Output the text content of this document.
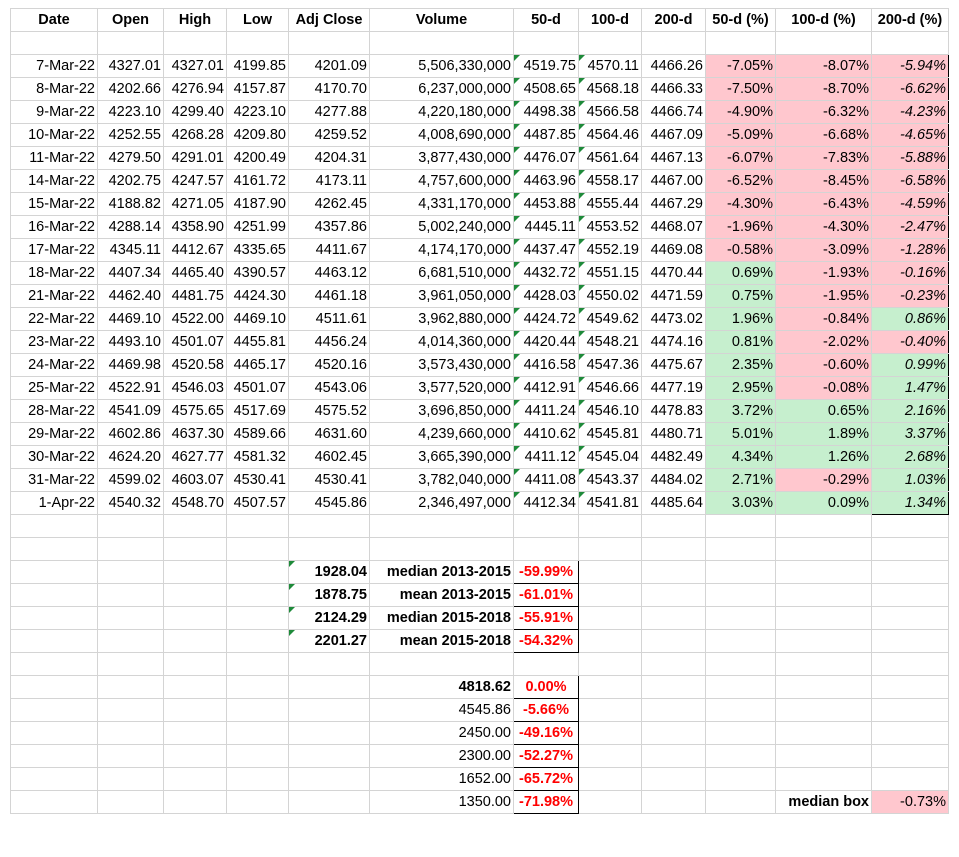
Date	Open	High	Low	Adj Close	Volume	50-d	100-d	200-d	50-d (%)	100-d (%)	200-d (%)

7-Mar-22	4327.01	4327.01	4199.85	4201.09	5,506,330,000	4519.75	4570.11	4466.26	-7.05%	-8.07%	-5.94%
8-Mar-22	4202.66	4276.94	4157.87	4170.70	6,237,000,000	4508.65	4568.18	4466.33	-7.50%	-8.70%	-6.62%
9-Mar-22	4223.10	4299.40	4223.10	4277.88	4,220,180,000	4498.38	4566.58	4466.74	-4.90%	-6.32%	-4.23%
10-Mar-22	4252.55	4268.28	4209.80	4259.52	4,008,690,000	4487.85	4564.46	4467.09	-5.09%	-6.68%	-4.65%
11-Mar-22	4279.50	4291.01	4200.49	4204.31	3,877,430,000	4476.07	4561.64	4467.13	-6.07%	-7.83%	-5.88%
14-Mar-22	4202.75	4247.57	4161.72	4173.11	4,757,600,000	4463.96	4558.17	4467.00	-6.52%	-8.45%	-6.58%
15-Mar-22	4188.82	4271.05	4187.90	4262.45	4,331,170,000	4453.88	4555.44	4467.29	-4.30%	-6.43%	-4.59%
16-Mar-22	4288.14	4358.90	4251.99	4357.86	5,002,240,000	4445.11	4553.52	4468.07	-1.96%	-4.30%	-2.47%
17-Mar-22	4345.11	4412.67	4335.65	4411.67	4,174,170,000	4437.47	4552.19	4469.08	-0.58%	-3.09%	-1.28%
18-Mar-22	4407.34	4465.40	4390.57	4463.12	6,681,510,000	4432.72	4551.15	4470.44	0.69%	-1.93%	-0.16%
21-Mar-22	4462.40	4481.75	4424.30	4461.18	3,961,050,000	4428.03	4550.02	4471.59	0.75%	-1.95%	-0.23%
22-Mar-22	4469.10	4522.00	4469.10	4511.61	3,962,880,000	4424.72	4549.62	4473.02	1.96%	-0.84%	0.86%
23-Mar-22	4493.10	4501.07	4455.81	4456.24	4,014,360,000	4420.44	4548.21	4474.16	0.81%	-2.02%	-0.40%
24-Mar-22	4469.98	4520.58	4465.17	4520.16	3,573,430,000	4416.58	4547.36	4475.67	2.35%	-0.60%	0.99%
25-Mar-22	4522.91	4546.03	4501.07	4543.06	3,577,520,000	4412.91	4546.66	4477.19	2.95%	-0.08%	1.47%
28-Mar-22	4541.09	4575.65	4517.69	4575.52	3,696,850,000	4411.24	4546.10	4478.83	3.72%	0.65%	2.16%
29-Mar-22	4602.86	4637.30	4589.66	4631.60	4,239,660,000	4410.62	4545.81	4480.71	5.01%	1.89%	3.37%
30-Mar-22	4624.20	4627.77	4581.32	4602.45	3,665,390,000	4411.12	4545.04	4482.49	4.34%	1.26%	2.68%
31-Mar-22	4599.02	4603.07	4530.41	4530.41	3,782,040,000	4411.08	4543.37	4484.02	2.71%	-0.29%	1.03%
1-Apr-22	4540.32	4548.70	4507.57	4545.86	2,346,497,000	4412.34	4541.81	4485.64	3.03%	0.09%	1.34%

				1928.04	median 2013-2015	-59.99%					
				1878.75	mean 2013-2015	-61.01%					
				2124.29	median 2015-2018	-55.91%					
				2201.27	mean 2015-2018	-54.32%					

					4818.62	0.00%					
					4545.86	-5.66%					
					2450.00	-49.16%					
					2300.00	-52.27%					
					1652.00	-65.72%					
					1350.00	-71.98%				median box	-0.73%
